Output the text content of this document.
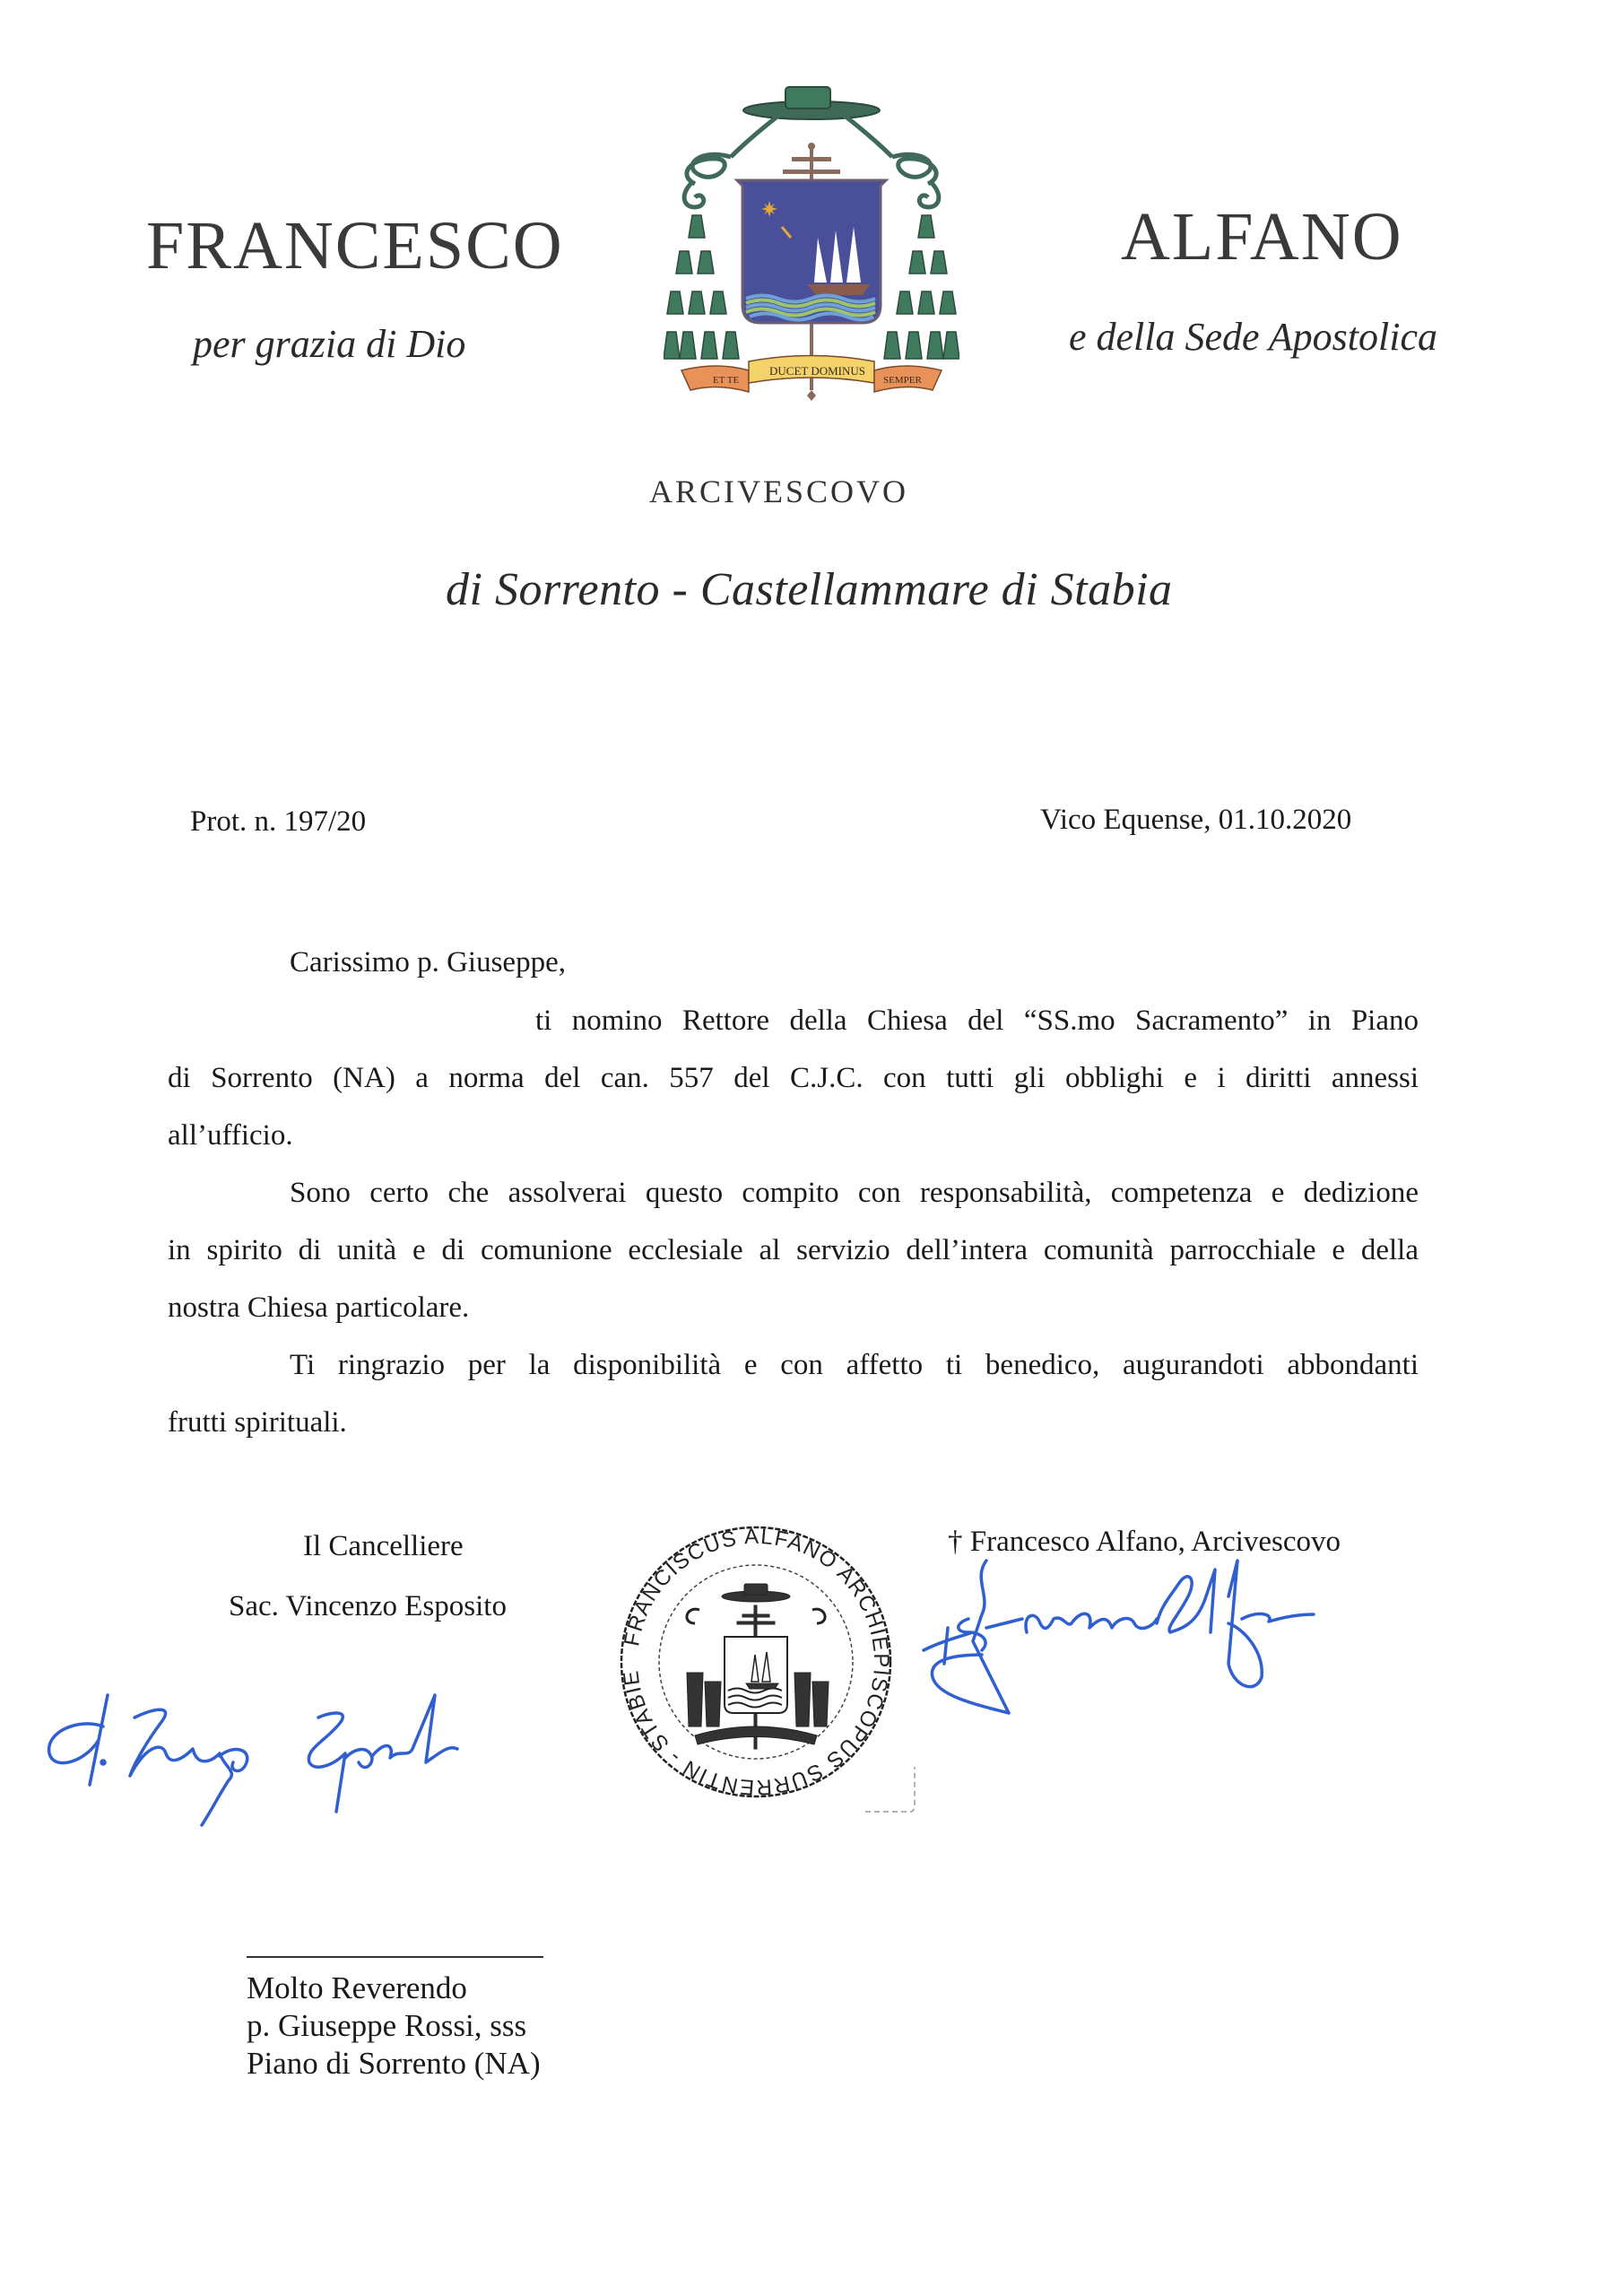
FRANCESCO	ALFANO
per grazia di Dio	e della Sede Apostolica
ET TE
DUCET DOMINUS
SEMPER
ARCIVESCOVO
di Sorrento - Castellammare di Stabia
Prot. n. 197/20	Vico Equense, 01.10.2020
Carissimo p. Giuseppe,

ti nomino Rettore della Chiesa del “SS.mo Sacramento” in Piano

di Sorrento (NA) a norma del can. 557 del C.J.C. con tutti gli obblighi e i diritti annessi

all’ufficio.

Sono certo che assolverai questo compito con responsabilità, competenza e dedizione

in spirito di unità e di comunione ecclesiale al servizio dell’intera comunità parrocchiale e della

nostra Chiesa particolare.

Ti ringrazio per la disponibilità e con affetto ti benedico, augurandoti abbondanti

frutti spirituali.

Il Cancelliere
Sac. Vincenzo Esposito
† Francesco Alfano, Arcivescovo
FRANCISCUS ALFANO ARCHIEPISCOPUS SURRENTIN - STABIE
Molto Reverendo
p. Giuseppe Rossi, sss
Piano di Sorrento (NA)
